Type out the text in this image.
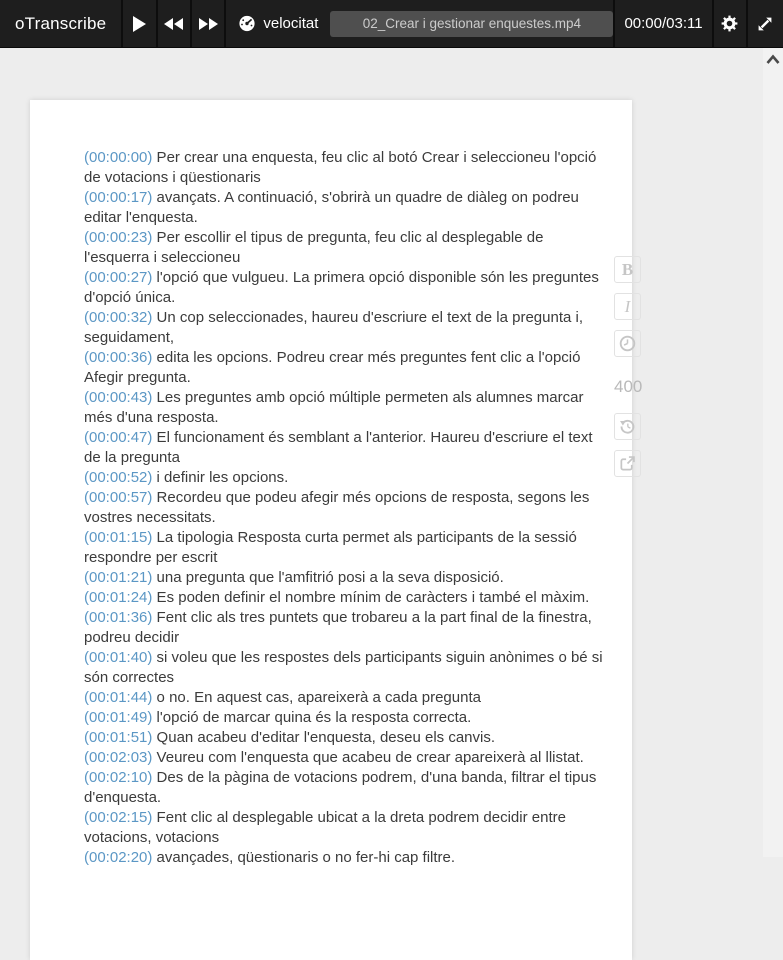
oTranscribe	velocitat	02_Crear i gestionar enquestes.mp4	00:00/03:11

(00:00:00) Per crear una enquesta, feu clic al botó Crear i seleccioneu l'opció de votacions i qüestionaris

(00:00:17) avançats. A continuació, s'obrirà un quadre de diàleg on podreu editar l'enquesta.

(00:00:23) Per escollir el tipus de pregunta, feu clic al desplegable de l'esquerra i seleccioneu

(00:00:27) l'opció que vulgueu. La primera opció disponible són les preguntes d'opció única.

(00:00:32) Un cop seleccionades, haureu d'escriure el text de la pregunta i, seguidament,

(00:00:36) edita les opcions. Podreu crear més preguntes fent clic a l'opció Afegir pregunta.

(00:00:43) Les preguntes amb opció múltiple permeten als alumnes marcar més d'una resposta.

(00:00:47) El funcionament és semblant a l'anterior. Haureu d'escriure el text de la pregunta

(00:00:52) i definir les opcions.

(00:00:57) Recordeu que podeu afegir més opcions de resposta, segons les vostres necessitats.

(00:01:15) La tipologia Resposta curta permet als participants de la sessió respondre per escrit

(00:01:21) una pregunta que l'amfitrió posi a la seva disposició.

(00:01:24) Es poden definir el nombre mínim de caràcters i també el màxim.

(00:01:36) Fent clic als tres puntets que trobareu a la part final de la finestra, podreu decidir

(00:01:40) si voleu que les respostes dels participants siguin anònimes o bé si són correctes

(00:01:44) o no. En aquest cas, apareixerà a cada pregunta

(00:01:49) l'opció de marcar quina és la resposta correcta.

(00:01:51) Quan acabeu d'editar l'enquesta, deseu els canvis.

(00:02:03) Veureu com l'enquesta que acabeu de crear apareixerà al llistat.

(00:02:10) Des de la pàgina de votacions podrem, d'una banda, filtrar el tipus d'enquesta.

(00:02:15) Fent clic al desplegable ubicat a la dreta podrem decidir entre votacions, votacions

(00:02:20) avançades, qüestionaris o no fer-hi cap filtre.

B
I
400
